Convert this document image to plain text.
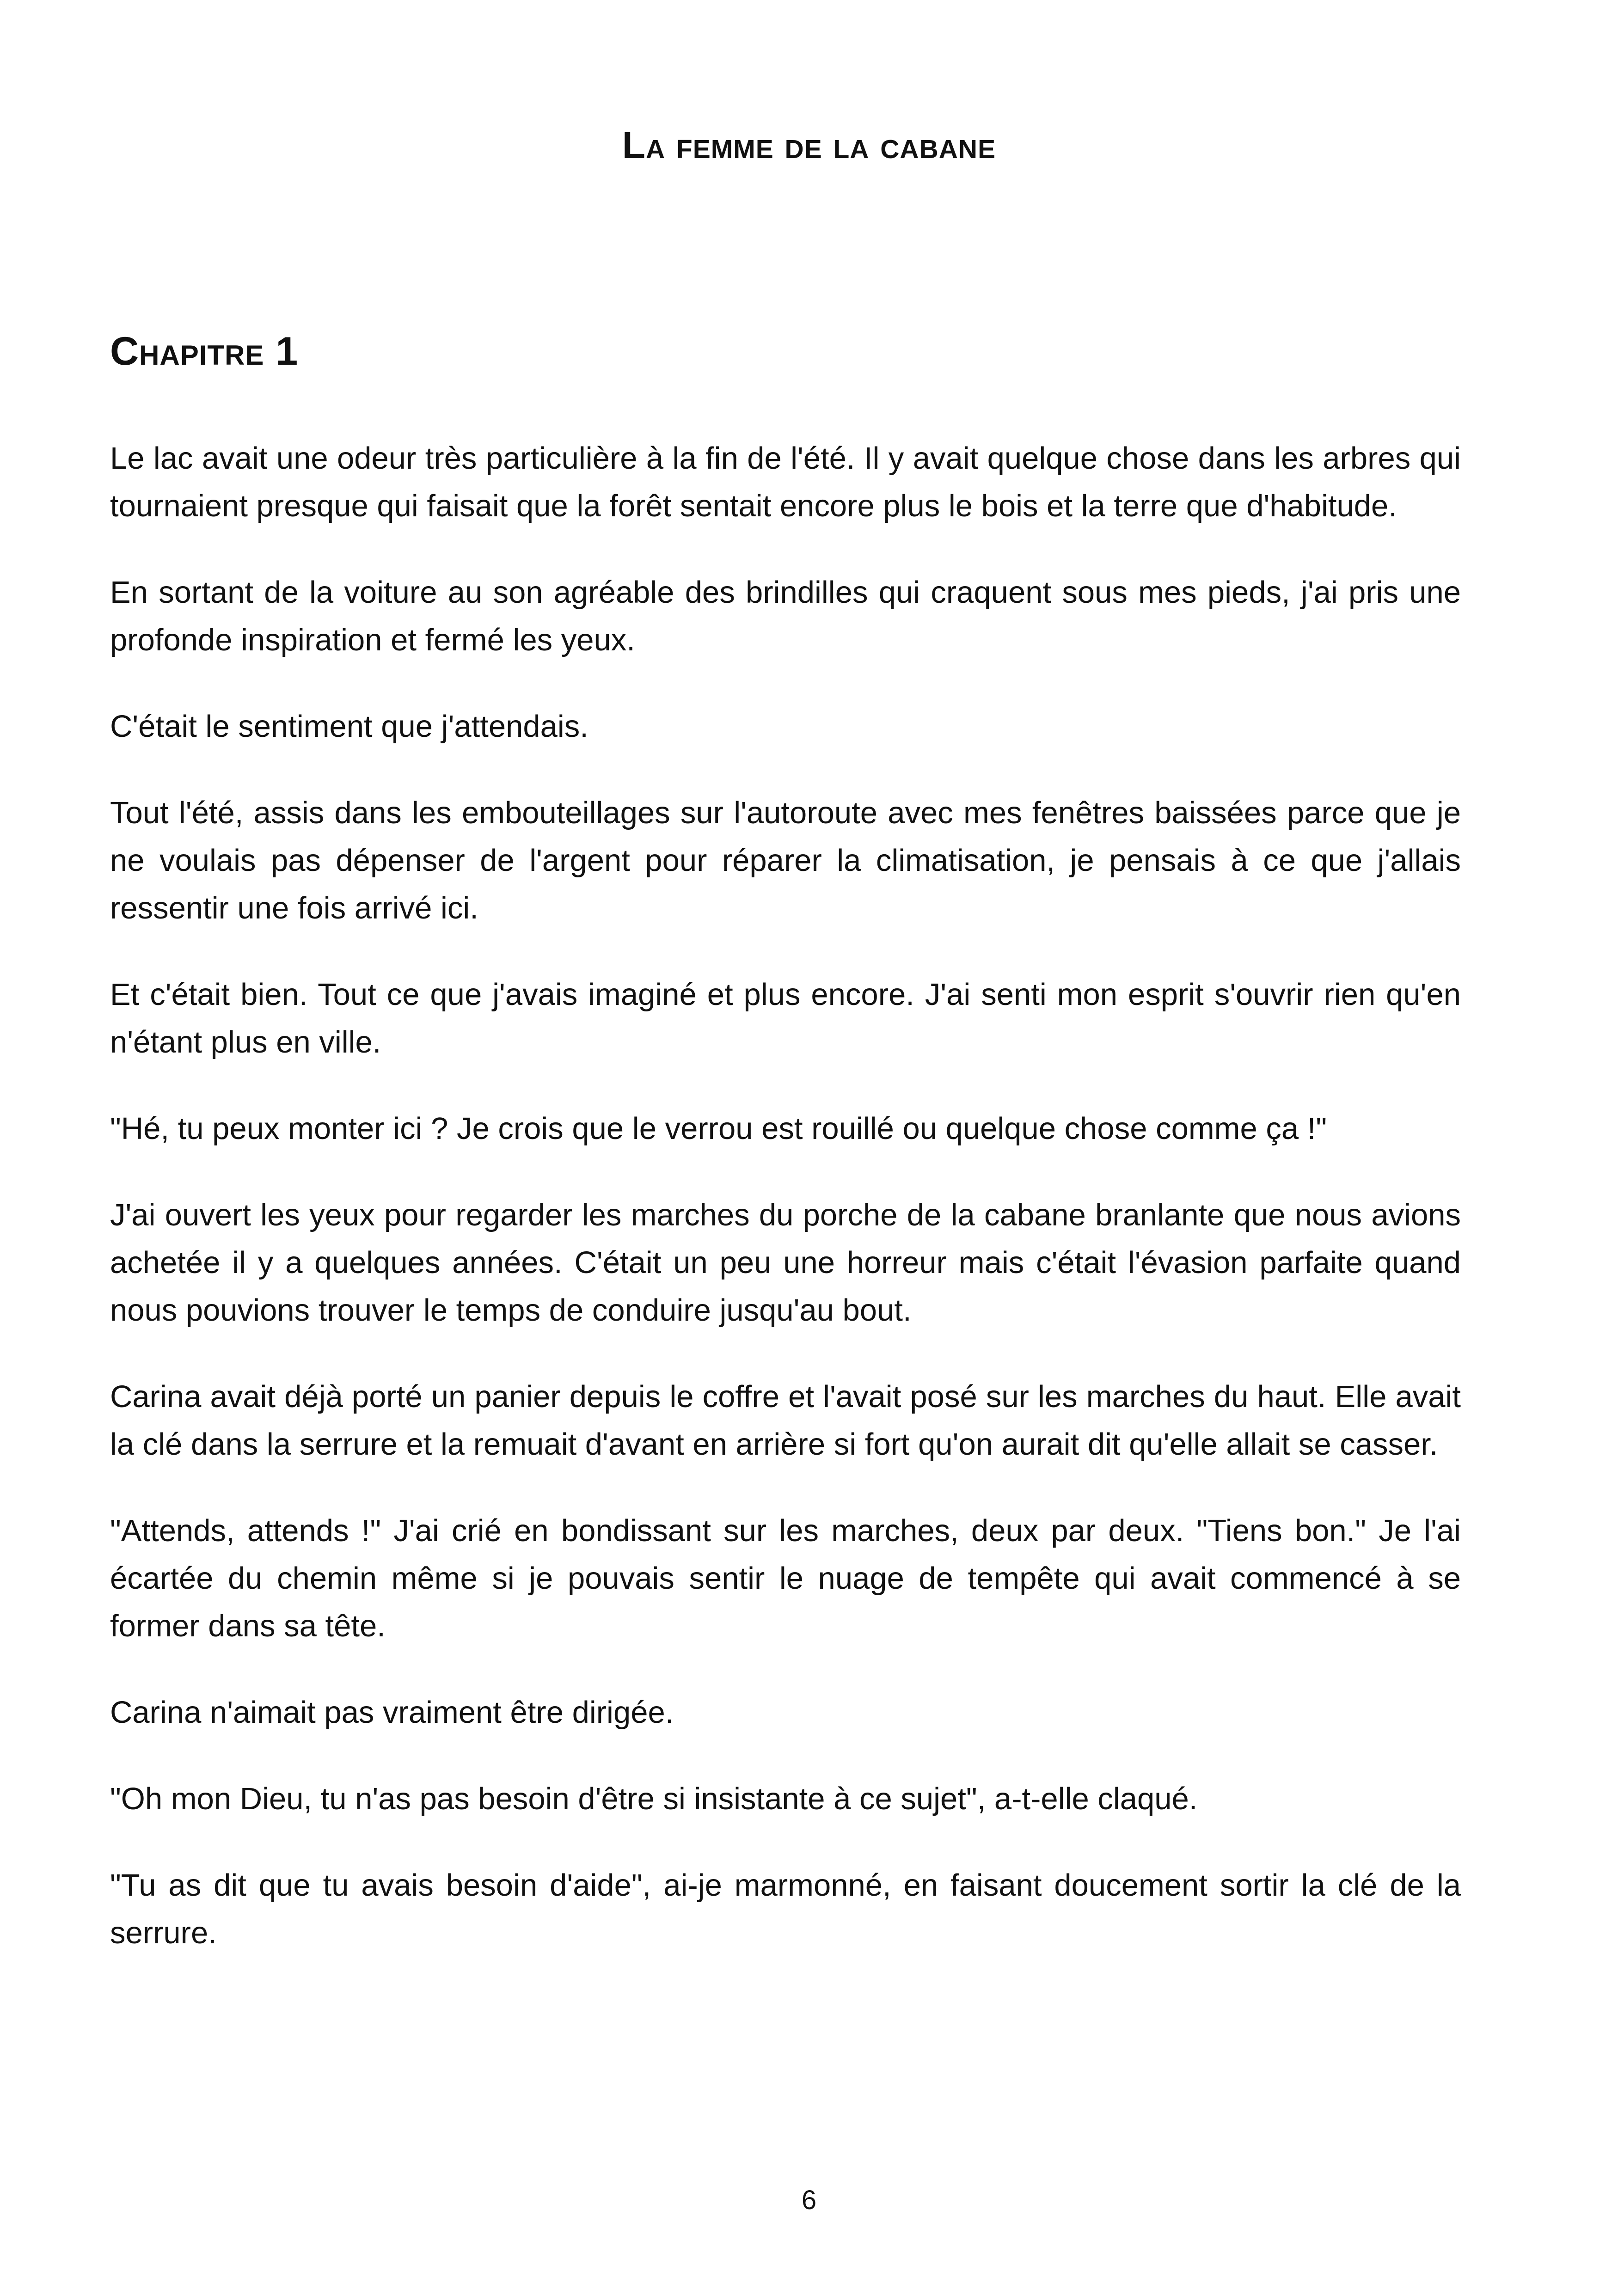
La femme de la cabane
Chapitre 1

Le lac avait une odeur très particulière à la fin de l'été. Il y avait quelque chose dans les arbres qui tournaient presque qui faisait que la forêt sentait encore plus le bois et la terre que d'habitude.

En sortant de la voiture au son agréable des brindilles qui craquent sous mes pieds, j'ai pris une profonde inspiration et fermé les yeux.

C'était le sentiment que j'attendais.

Tout l'été, assis dans les embouteillages sur l'autoroute avec mes fenêtres baissées parce que je ne voulais pas dépenser de l'argent pour réparer la climatisation, je pensais à ce que j'allais ressentir une fois arrivé ici.

Et c'était bien. Tout ce que j'avais imaginé et plus encore. J'ai senti mon esprit s'ouvrir rien qu'en n'étant plus en ville.

"Hé, tu peux monter ici ? Je crois que le verrou est rouillé ou quelque chose comme ça !"

J'ai ouvert les yeux pour regarder les marches du porche de la cabane branlante que nous avions achetée il y a quelques années. C'était un peu une horreur mais c'était l'évasion parfaite quand nous pouvions trouver le temps de conduire jusqu'au bout.

Carina avait déjà porté un panier depuis le coffre et l'avait posé sur les marches du haut. Elle avait la clé dans la serrure et la remuait d'avant en arrière si fort qu'on aurait dit qu'elle allait se casser.

"Attends, attends !" J'ai crié en bondissant sur les marches, deux par deux. "Tiens bon." Je l'ai écartée du chemin même si je pouvais sentir le nuage de tempête qui avait commencé à se former dans sa tête.

Carina n'aimait pas vraiment être dirigée.

"Oh mon Dieu, tu n'as pas besoin d'être si insistante à ce sujet", a-t-elle claqué.

"Tu as dit que tu avais besoin d'aide", ai-je marmonné, en faisant doucement sortir la clé de la serrure.

6
